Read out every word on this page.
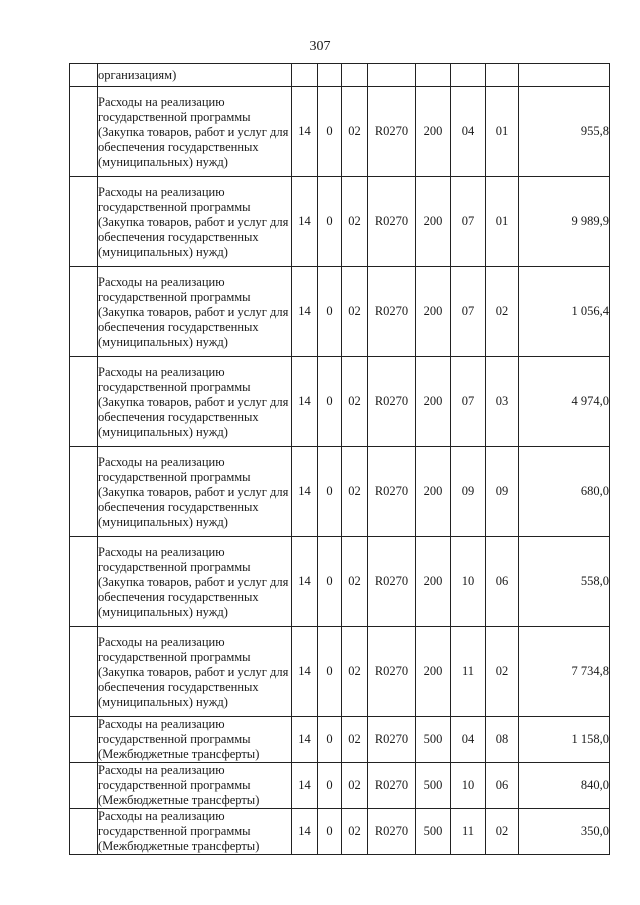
307
	организациям)								
	Расходы на реализацию государственной программы (Закупка товаров, работ и услуг для обеспечения государственных (муниципальных) нужд)	14	0	02	R0270	200	04	01	955,8
	Расходы на реализацию государственной программы (Закупка товаров, работ и услуг для обеспечения государственных (муниципальных) нужд)	14	0	02	R0270	200	07	01	9 989,9
	Расходы на реализацию государственной программы (Закупка товаров, работ и услуг для обеспечения государственных (муниципальных) нужд)	14	0	02	R0270	200	07	02	1 056,4
	Расходы на реализацию государственной программы (Закупка товаров, работ и услуг для обеспечения государственных (муниципальных) нужд)	14	0	02	R0270	200	07	03	4 974,0
	Расходы на реализацию государственной программы (Закупка товаров, работ и услуг для обеспечения государственных (муниципальных) нужд)	14	0	02	R0270	200	09	09	680,0
	Расходы на реализацию государственной программы (Закупка товаров, работ и услуг для обеспечения государственных (муниципальных) нужд)	14	0	02	R0270	200	10	06	558,0
	Расходы на реализацию государственной программы (Закупка товаров, работ и услуг для обеспечения государственных (муниципальных) нужд)	14	0	02	R0270	200	11	02	7 734,8
	Расходы на реализацию государственной программы (Межбюджетные трансферты)	14	0	02	R0270	500	04	08	1 158,0
	Расходы на реализацию государственной программы (Межбюджетные трансферты)	14	0	02	R0270	500	10	06	840,0
	Расходы на реализацию государственной программы (Межбюджетные трансферты)	14	0	02	R0270	500	11	02	350,0
